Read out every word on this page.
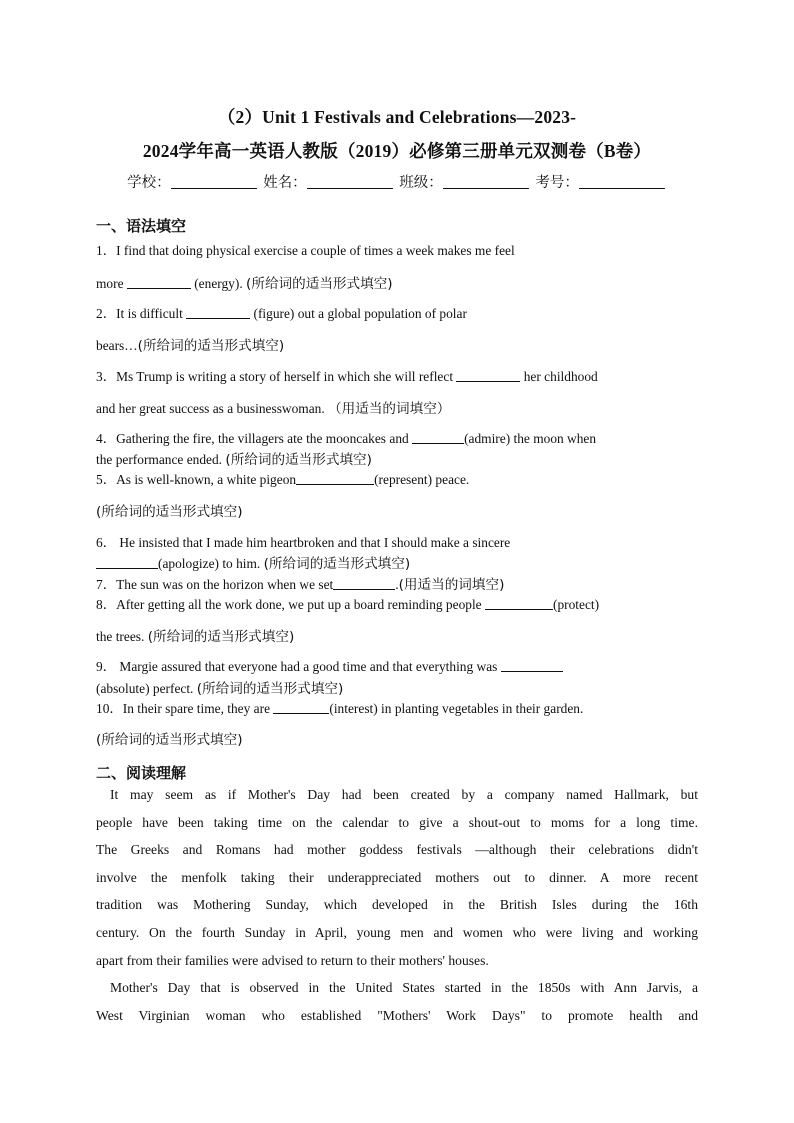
（2）Unit 1 Festivals and Celebrations—2023-
2024学年高一英语人教版（2019）必修第三册单元双测卷（B卷）
学校：	姓名：	班级：	考号：
一、语法填空
1．I find that doing physical exercise a couple of times a week makes me feel
more	(energy). (所给词的适当形式填空)
2．It is difficult	(figure) out a global population of polar
bears…(所给词的适当形式填空)
3．Ms Trump is writing a story of herself in which she will reflect	her childhood
and her great success as a businesswoman. （用适当的词填空）
4．Gathering the fire, the villagers ate the mooncakes and	(admire) the moon when
the performance ended. (所给词的适当形式填空)
5．As is well-known, a white pigeon	(represent) peace.
(所给词的适当形式填空)
6． He insisted that I made him heartbroken and that I should make a sincere
(apologize) to him. (所给词的适当形式填空)
7．The sun was on the horizon when we set	.(用适当的词填空)
8．After getting all the work done, we put up a board reminding people	(protect)
the trees. (所给词的适当形式填空)
9． Margie assured that everyone had a good time and that everything was
(absolute) perfect. (所给词的适当形式填空)
10．In their spare time, they are	(interest) in planting vegetables in their garden.
(所给词的适当形式填空)
二、阅读理解
It may seem as if Mother's Day had been created by a company named Hallmark, but
people have been taking time on the calendar to give a shout-out to moms for a long time.
The Greeks and Romans had mother goddess festivals —although their celebrations didn't
involve the menfolk taking their underappreciated mothers out to dinner. A more recent
tradition was Mothering Sunday, which developed in the British Isles during the 16th
century. On the fourth Sunday in April, young men and women who were living and working
apart from their families were advised to return to their mothers' houses.
Mother's Day that is observed in the United States started in the 1850s with Ann Jarvis, a
West Virginian woman who established "Mothers' Work Days" to promote health and
